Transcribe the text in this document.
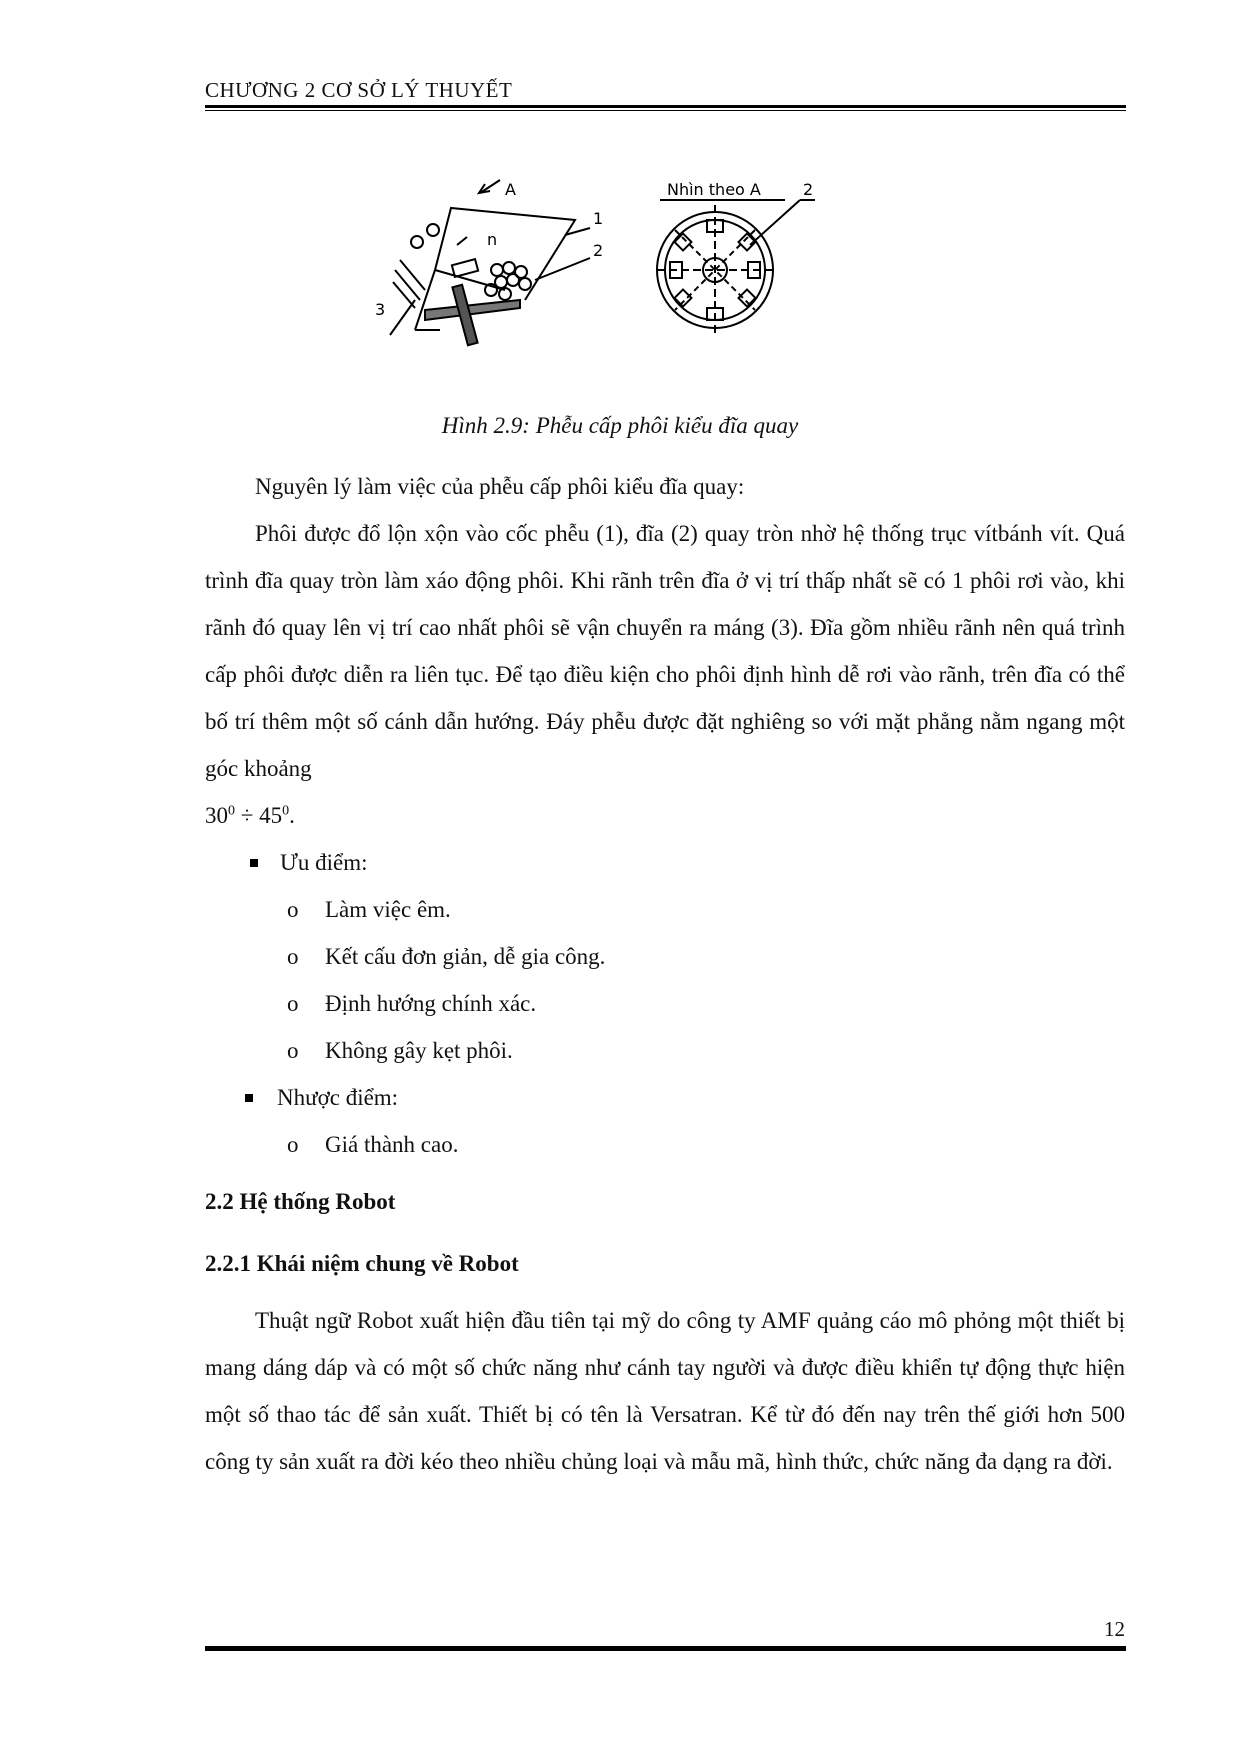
CHƯƠNG 2 CƠ SỞ LÝ THUYẾT
A
1
2
3
n
Nhìn theo A	2
Hình 2.9: Phễu cấp phôi kiểu đĩa quay

Nguyên lý làm việc của phễu cấp phôi kiểu đĩa quay:

Phôi được đổ lộn xộn vào cốc phễu (1), đĩa (2) quay tròn nhờ hệ thống trục vítbánh vít. Quá trình đĩa quay tròn làm xáo động phôi. Khi rãnh trên đĩa ở vị trí thấp nhất sẽ có 1 phôi rơi vào, khi rãnh đó quay lên vị trí cao nhất phôi sẽ vận chuyển ra máng (3). Đĩa gồm nhiều rãnh nên quá trình cấp phôi được diễn ra liên tục. Để tạo điều kiện cho phôi định hình dễ rơi vào rãnh, trên đĩa có thể bố trí thêm một số cánh dẫn hướng. Đáy phễu được đặt nghiêng so với mặt phẳng nằm ngang một góc khoảng

$30^0 \div 45^0$.

Ưu điểm:
o Làm việc êm.
o Kết cấu đơn giản, dễ gia công.
o Định hướng chính xác.
o Không gây kẹt phôi.
Nhược điểm:
o Giá thành cao.
2.2 Hệ thống Robot
2.2.1 Khái niệm chung về Robot

Thuật ngữ Robot xuất hiện đầu tiên tại mỹ do công ty AMF quảng cáo mô phỏng một thiết bị mang dáng dáp và có một số chức năng như cánh tay người và được điều khiển tự động thực hiện một số thao tác để sản xuất. Thiết bị có tên là Versatran. Kể từ đó đến nay trên thế giới hơn 500 công ty sản xuất ra đời kéo theo nhiều chủng loại và mẫu mã, hình thức, chức năng đa dạng ra đời.

12
